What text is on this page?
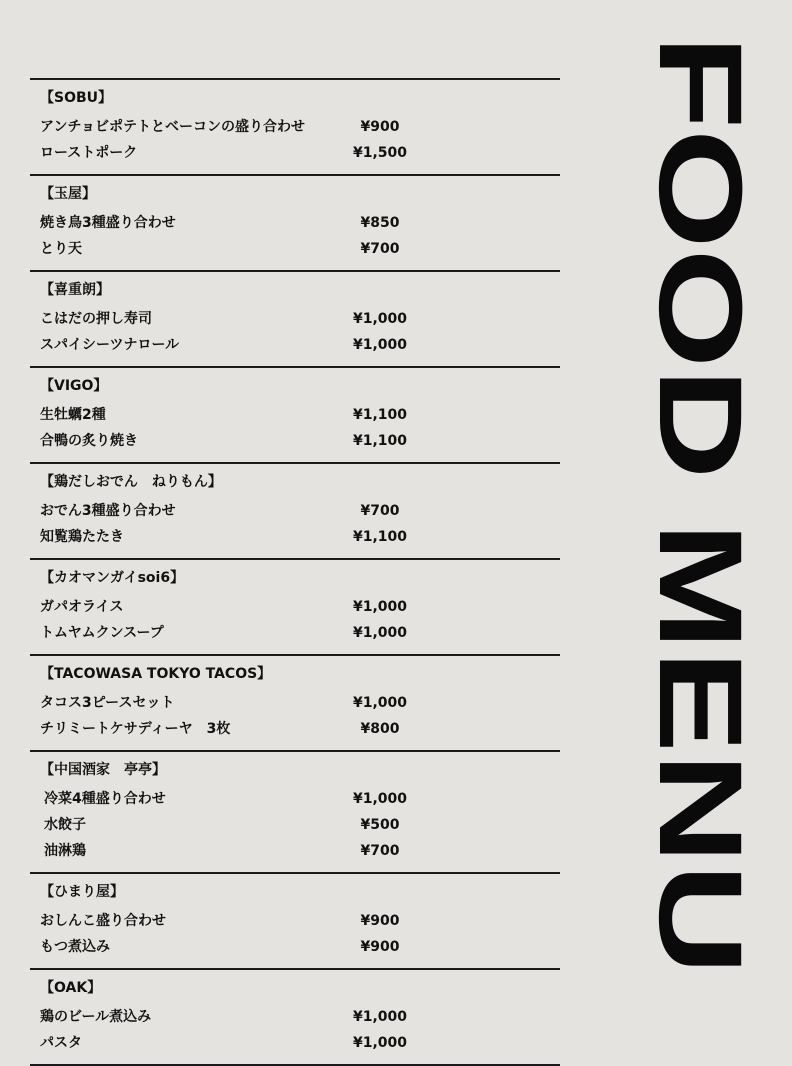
【SOBU】
アンチョビポテトとベーコンの盛り合わせ	¥900
ローストポーク	¥1,500
【玉屋】
焼き鳥3種盛り合わせ	¥850
とり天	¥700
【喜重朗】
こはだの押し寿司	¥1,000
スパイシーツナロール	¥1,000
【VIGO】
生牡蠣2種	¥1,100
合鴨の炙り焼き	¥1,100
【鶏だしおでん　ねりもん】
おでん3種盛り合わせ	¥700
知覧鶏たたき	¥1,100
【カオマンガイsoi6】
ガパオライス	¥1,000
トムヤムクンスープ	¥1,000
【TACOWASA TOKYO TACOS】
タコス3ピースセット	¥1,000
チリミートケサディーヤ　3枚	¥800
【中国酒家　亭亭】
冷菜4種盛り合わせ	¥1,000
水餃子	¥500
油淋鶏	¥700
【ひまり屋】
おしんこ盛り合わせ	¥900
もつ煮込み	¥900
【OAK】
鶏のビール煮込み	¥1,000
パスタ	¥1,000
FOOD MENU
